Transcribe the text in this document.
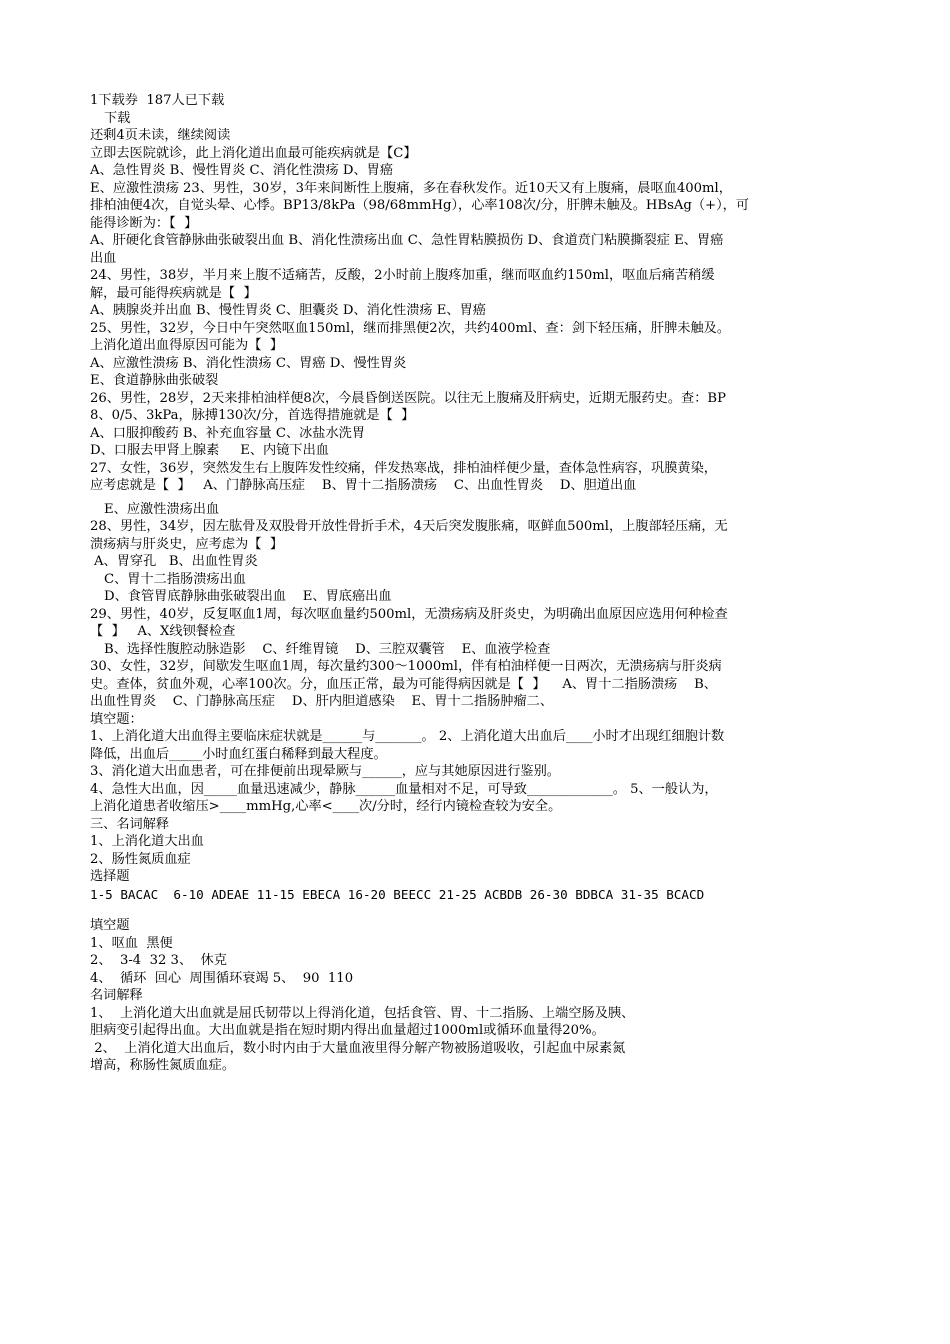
1下载券  187人已下载
下载
还剩4页未读，继续阅读
立即去医院就诊，此上消化道出血最可能疾病就是【C】
A、急性胃炎 B、慢性胃炎 C、消化性溃疡 D、胃癌
E、应激性溃疡 23、男性，30岁，3年来间断性上腹痛，多在春秋发作。近10天又有上腹痛，晨呕血400ml，
排柏油便4次，自觉头晕、心悸。BP13/8kPa（98/68mmHg），心率108次/分，肝脾未触及。HBsAg（+），可
能得诊断为：【  】
A、肝硬化食管静脉曲张破裂出血 B、消化性溃疡出血 C、急性胃粘膜损伤 D、食道贲门粘膜撕裂症 E、胃癌
出血
24、男性，38岁，半月来上腹不适痛苦，反酸，2小时前上腹疼加重，继而呕血约150ml，呕血后痛苦稍缓
解，最可能得疾病就是【  】
A、胰腺炎并出血 B、慢性胃炎 C、胆囊炎 D、消化性溃疡 E、胃癌
25、男性，32岁，今日中午突然呕血150ml，继而排黑便2次，共约400ml、查：剑下轻压痛，肝脾未触及。
上消化道出血得原因可能为【  】
A、应激性溃疡 B、消化性溃疡 C、胃癌 D、慢性胃炎
E、食道静脉曲张破裂
26、男性，28岁，2天来排柏油样便8次，今晨昏倒送医院。以往无上腹痛及肝病史，近期无服药史。查：BP
8、0/5、3kPa，脉搏130次/分，首选得措施就是【  】
A、口服抑酸药 B、补充血容量 C、冰盐水洗胃
D、口服去甲肾上腺素     E、内镜下出血
27、女性，36岁，突然发生右上腹阵发性绞痛，伴发热寒战，排柏油样便少量，查体急性病容，巩膜黄染，
应考虑就是【  】   A、门静脉高压症    B、胃十二指肠溃疡    C、出血性胃炎    D、胆道出血
E、应激性溃疡出血
28、男性，34岁，因左肱骨及双股骨开放性骨折手术，4天后突发腹胀痛，呕鲜血500ml，上腹部轻压痛，无
溃疡病与肝炎史，应考虑为【  】
A、胃穿孔   B、出血性胃炎
C、胃十二指肠溃疡出血
D、食管胃底静脉曲张破裂出血    E、胃底癌出血
29、男性，40岁，反复呕血1周，每次呕血量约500ml，无溃疡病及肝炎史，为明确出血原因应选用何种检查
【  】   A、X线钡餐检查
B、选择性腹腔动脉造影    C、纤维胃镜    D、三腔双囊管    E、血液学检查
30、女性，32岁，间歇发生呕血1周，每次量约300～1000ml，伴有柏油样便一日两次，无溃疡病与肝炎病
史。查体，贫血外观，心率100次。分，血压正常，最为可能得病因就是【  】    A、胃十二指肠溃疡    B、
出血性胃炎    C、门静脉高压症    D、肝内胆道感染    E、胃十二指肠肿瘤二、
填空题：
1、上消化道大出血得主要临床症状就是______与_______。 2、上消化道大出血后____小时才出现红细胞计数
降低，出血后_____小时血红蛋白稀释到最大程度。
3、消化道大出血患者，可在排便前出现晕厥与______，应与其她原因进行鉴别。
4、急性大出血，因_____血量迅速减少，静脉______血量相对不足，可导致_____________。 5、一般认为，
上消化道患者收缩压>____mmHg,心率<____次/分时，经行内镜检查较为安全。
三、名词解释
1、上消化道大出血
2、肠性氮质血症
选择题
1-5 BACAC  6-10 ADEAE 11-15 EBECA 16-20 BEECC 21-25 ACBDB 26-30 BDBCA 31-35 BCACD
填空题
1、呕血  黑便
2、  3-4  32 3、  休克
4、  循环  回心  周围循环衰竭 5、  90  110
名词解释
1、  上消化道大出血就是屈氏韧带以上得消化道，包括食管、胃、十二指肠、上端空肠及胰、
胆病变引起得出血。大出血就是指在短时期内得出血量超过1000ml或循环血量得20%。
2、  上消化道大出血后，数小时内由于大量血液里得分解产物被肠道吸收，引起血中尿素氮
增高，称肠性氮质血症。
